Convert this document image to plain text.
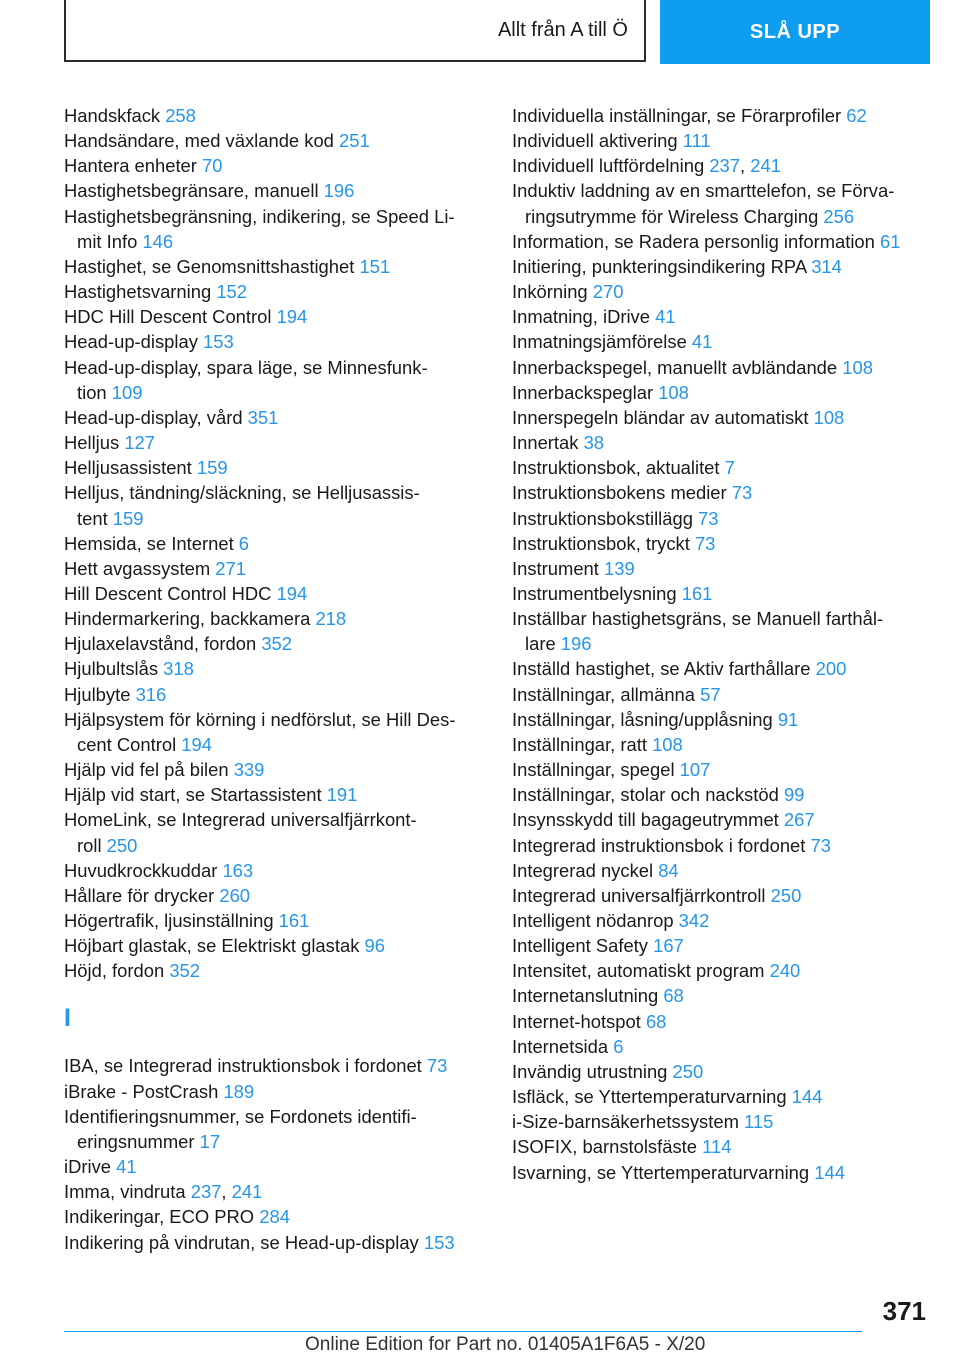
Allt från A till Ö	SLÅ UPP
Handskfack 258
Handsändare, med växlande kod 251
Hantera enheter 70
Hastighetsbegränsare, manuell 196
Hastighetsbegränsning, indikering, se Speed Li-
mit Info 146
Hastighet, se Genomsnittshastighet 151
Hastighetsvarning 152
HDC Hill Descent Control 194
Head-up-display 153
Head-up-display, spara läge, se Minnesfunk-
tion 109
Head-up-display, vård 351
Helljus 127
Helljusassistent 159
Helljus, tändning/släckning, se Helljusassis-
tent 159
Hemsida, se Internet 6
Hett avgassystem 271
Hill Descent Control HDC 194
Hindermarkering, backkamera 218
Hjulaxelavstånd, fordon 352
Hjulbultslås 318
Hjulbyte 316
Hjälpsystem för körning i nedförslut, se Hill Des-
cent Control 194
Hjälp vid fel på bilen 339
Hjälp vid start, se Startassistent 191
HomeLink, se Integrerad universalfjärrkont-
roll 250
Huvudkrockkuddar 163
Hållare för drycker 260
Högertrafik, ljusinställning 161
Höjbart glastak, se Elektriskt glastak 96
Höjd, fordon 352
I
IBA, se Integrerad instruktionsbok i fordonet 73
iBrake - PostCrash 189
Identifieringsnummer, se Fordonets identifi-
eringsnummer 17
iDrive 41
Imma, vindruta 237, 241
Indikeringar, ECO PRO 284
Indikering på vindrutan, se Head-up-display 153
Individuella inställningar, se Förarprofiler 62
Individuell aktivering 111
Individuell luftfördelning 237, 241
Induktiv laddning av en smarttelefon, se Förva-
ringsutrymme för Wireless Charging 256
Information, se Radera personlig information 61
Initiering, punkteringsindikering RPA 314
Inkörning 270
Inmatning, iDrive 41
Inmatningsjämförelse 41
Innerbackspegel, manuellt avbländande 108
Innerbackspeglar 108
Innerspegeln bländar av automatiskt 108
Innertak 38
Instruktionsbok, aktualitet 7
Instruktionsbokens medier 73
Instruktionsbokstillägg 73
Instruktionsbok, tryckt 73
Instrument 139
Instrumentbelysning 161
Inställbar hastighetsgräns, se Manuell farthål-
lare 196
Inställd hastighet, se Aktiv farthållare 200
Inställningar, allmänna 57
Inställningar, låsning/upplåsning 91
Inställningar, ratt 108
Inställningar, spegel 107
Inställningar, stolar och nackstöd 99
Insynsskydd till bagageutrymmet 267
Integrerad instruktionsbok i fordonet 73
Integrerad nyckel 84
Integrerad universalfjärrkontroll 250
Intelligent nödanrop 342
Intelligent Safety 167
Intensitet, automatiskt program 240
Internetanslutning 68
Internet-hotspot 68
Internetsida 6
Invändig utrustning 250
Isfläck, se Yttertemperaturvarning 144
i-Size-barnsäkerhetssystem 115
ISOFIX, barnstolsfäste 114
Isvarning, se Yttertemperaturvarning 144
371
Online Edition for Part no. 01405A1F6A5 - X/20
